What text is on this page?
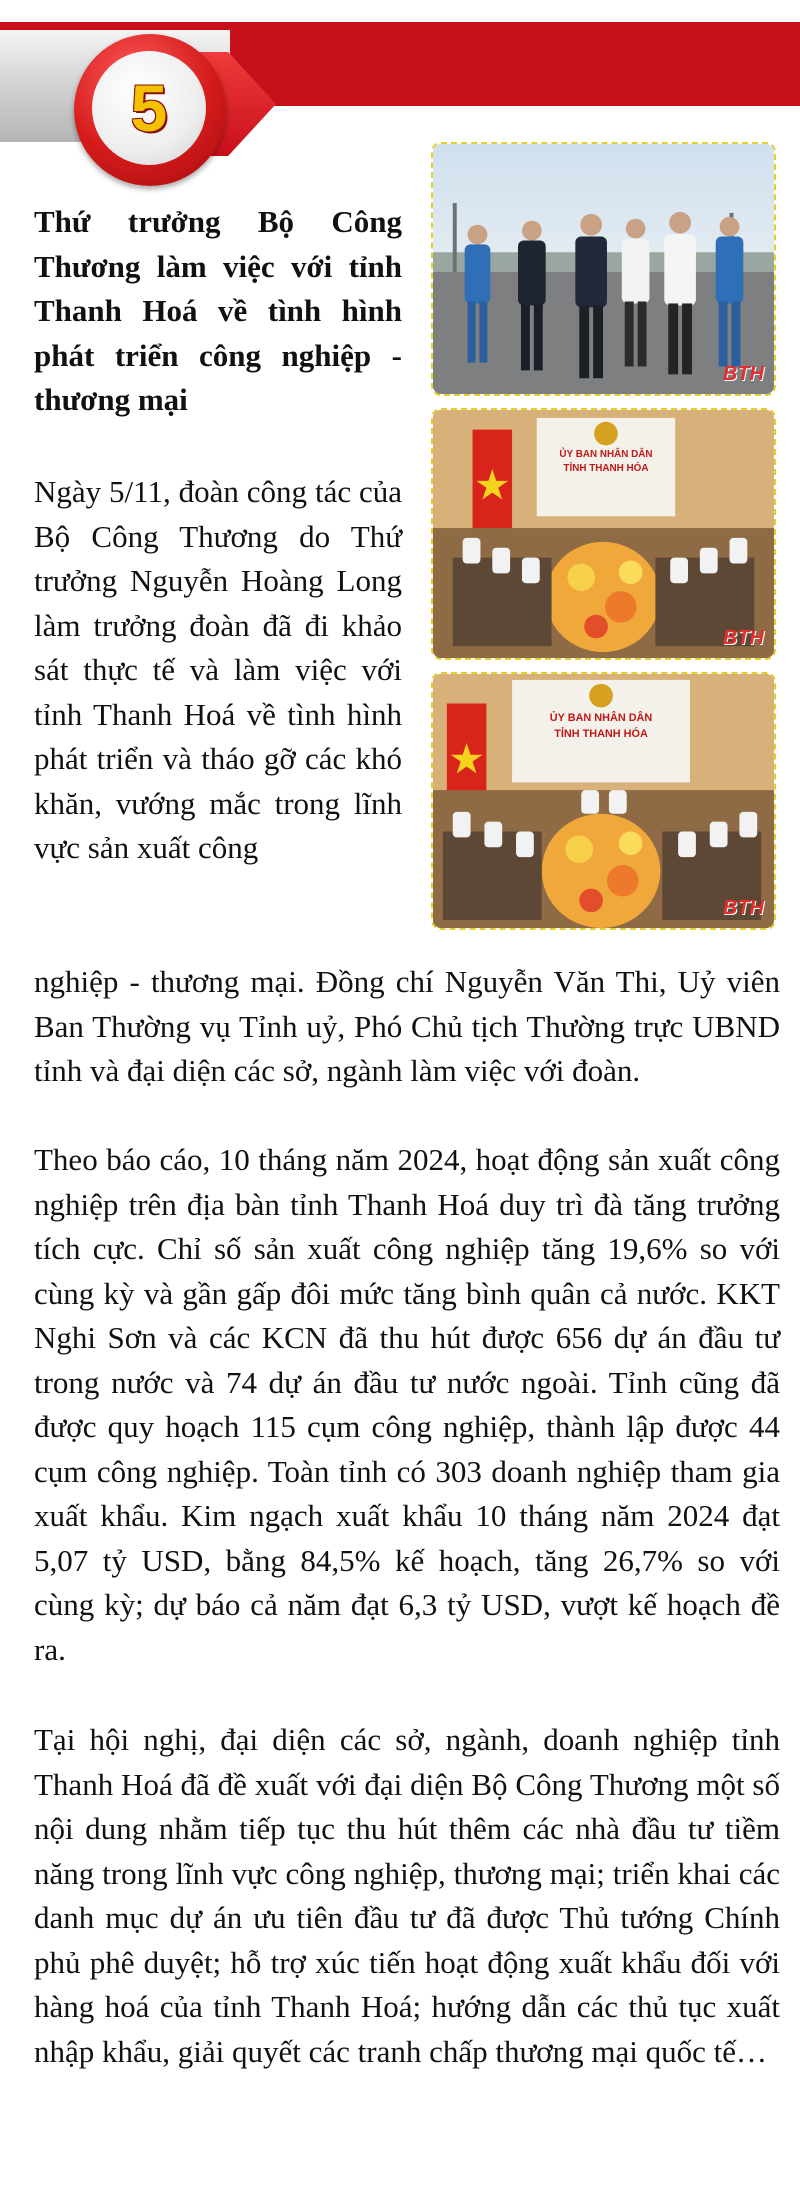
5
BTH
ỦY BAN NHÂN DÂN
TỈNH THANH HÓA
BTH
ỦY BAN NHÂN DÂN
TỈNH THANH HÓA
BTH
Thứ trưởng Bộ Công Thương làm việc với tỉnh Thanh Hoá về tình hình phát triển công nghiệp - thương mại

Ngày 5/11, đoàn công tác của Bộ Công Thương do Thứ trưởng Nguyễn Hoàng Long làm trưởng đoàn đã đi khảo sát thực tế và làm việc với tỉnh Thanh Hoá về tình hình phát triển và tháo gỡ các khó khăn, vướng mắc trong lĩnh vực sản xuất công

nghiệp - thương mại. Đồng chí Nguyễn Văn Thi, Uỷ viên Ban Thường vụ Tỉnh uỷ, Phó Chủ tịch Thường trực UBND tỉnh và đại diện các sở, ngành làm việc với đoàn.

Theo báo cáo, 10 tháng năm 2024, hoạt động sản xuất công nghiệp trên địa bàn tỉnh Thanh Hoá duy trì đà tăng trưởng tích cực. Chỉ số sản xuất công nghiệp tăng 19,6% so với cùng kỳ và gần gấp đôi mức tăng bình quân cả nước. KKT Nghi Sơn và các KCN đã thu hút được 656 dự án đầu tư trong nước và 74 dự án đầu tư nước ngoài. Tỉnh cũng đã được quy hoạch 115 cụm công nghiệp, thành lập được 44 cụm công nghiệp. Toàn tỉnh có 303 doanh nghiệp tham gia xuất khẩu. Kim ngạch xuất khẩu 10 tháng năm 2024 đạt 5,07 tỷ USD, bằng 84,5% kế hoạch, tăng 26,7% so với cùng kỳ; dự báo cả năm đạt 6,3 tỷ USD, vượt kế hoạch đề ra.

Tại hội nghị, đại diện các sở, ngành, doanh nghiệp tỉnh Thanh Hoá đã đề xuất với đại diện Bộ Công Thương một số nội dung nhằm tiếp tục thu hút thêm các nhà đầu tư tiềm năng trong lĩnh vực công nghiệp, thương mại; triển khai các danh mục dự án ưu tiên đầu tư đã được Thủ tướng Chính phủ phê duyệt; hỗ trợ xúc tiến hoạt động xuất khẩu đối với hàng hoá của tỉnh Thanh Hoá; hướng dẫn các thủ tục xuất nhập khẩu, giải quyết các tranh chấp thương mại quốc tế…
